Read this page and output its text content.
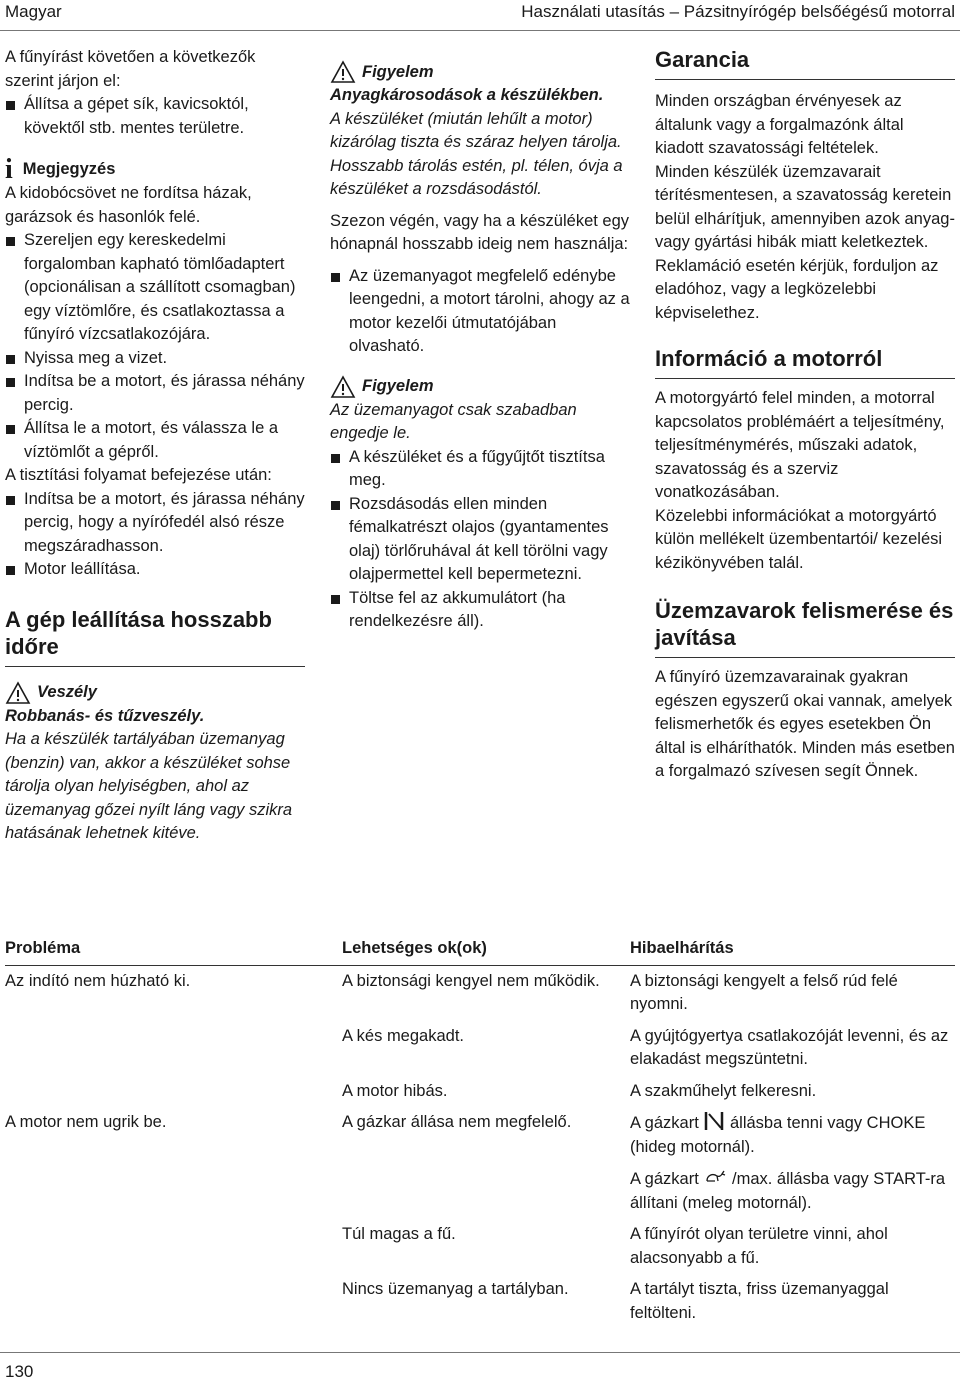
Magyar	Használati utasítás – Pázsitnyírógép belsőégésű motorral

A fűnyírást követően a következők szerint járjon el:

Állítsa a gépet sík, kavicsoktól, kövektől stb. mentes területre.

i Megjegyzés

A kidobócsövet ne fordítsa házak, garázsok és hasonlók felé.

Szereljen egy kereskedelmi forgalomban kapható tömlőadaptert (opcionálisan a szállított csomagban) egy víztömlőre, és csatlakoztassa a fűnyíró vízcsatlakozójára.

Nyissa meg a vizet.

Indítsa be a motort, és járassa néhány percig.

Állítsa le a motort, és válassza le a víztömlőt a gépről.

A tisztítási folyamat befejezése után:

Indítsa be a motort, és járassa néhány percig, hogy a nyírófedél alsó része megszáradhasson.

Motor leállítása.

A gép leállítása hosszabb időre
Veszély

Robbanás- és tűzveszély.

Ha a készülék tartályában üzemanyag (benzin) van, akkor a készüléket sohse tárolja olyan helyiségben, ahol az üzemanyag gőzei nyílt láng vagy szikra hatásának lehetnek kitéve.

Figyelem

Anyagkárosodások a készülékben.

A készüléket (miután lehűlt a motor) kizárólag tiszta és száraz helyen tárolja. Hosszabb tárolás estén, pl. télen, óvja a készüléket a rozsdásodástól.

Szezon végén, vagy ha a készüléket egy hónapnál hosszabb ideig nem használja:

Az üzemanyagot megfelelő edénybe leengedni, a motort tárolni, ahogy az a motor kezelői útmutatójában olvasható.

Figyelem

Az üzemanyagot csak szabadban engedje le.

A készüléket és a fűgyűjtőt tisztítsa meg.

Rozsdásodás ellen minden fémalkatrészt olajos (gyantamentes olaj) törlőruhával át kell törölni vagy olajpermettel kell bepermetezni.

Töltse fel az akkumulátort (ha rendelkezésre áll).

Garancia

Minden országban érvényesek az általunk vagy a forgalmazónk által kiadott szavatossági feltételek.

Minden készülék üzemzavarait térítésmentesen, a szavatosság keretein belül elhárítjuk, amennyiben azok anyag- vagy gyártási hibák miatt keletkeztek. Reklamáció esetén kérjük, forduljon az eladóhoz, vagy a legközelebbi képviselethez.

Információ a motorról

A motorgyártó felel minden, a motorral kapcsolatos problémáért a teljesítmény, teljesítménymérés, műszaki adatok, szavatosság és a szerviz vonatkozásában.

Közelebbi információkat a motorgyártó külön mellékelt üzembentartói/ kezelési kézikönyvében talál.

Üzemzavarok felismerése és javítása

A fűnyíró üzemzavarainak gyakran egészen egyszerű okai vannak, amelyek felismerhetők és egyes esetekben Ön által is elháríthatók. Minden más esetben a forgalmazó szívesen segít Önnek.

Probléma	Lehetséges ok(ok)	Hibaelhárítás
Az indító nem húzható ki.	A biztonsági kengyel nem működik.	A biztonsági kengyelt a felső rúd felé nyomni.
	A kés megakadt.	A gyújtógyertya csatlakozóját levenni, és az elakadást megszüntetni.
	A motor hibás.	A szakműhelyt felkeresni.
A motor nem ugrik be.	A gázkar állása nem megfelelő.	A gázkart állásba tenni vagy CHOKE (hideg motornál).
		A gázkart /max. állásba vagy START-ra állítani (meleg motornál).
	Túl magas a fű.	A fűnyírót olyan területre vinni, ahol alacsonyabb a fű.
	Nincs üzemanyag a tartályban.	A tartályt tiszta, friss üzemanyaggal feltölteni.
130
